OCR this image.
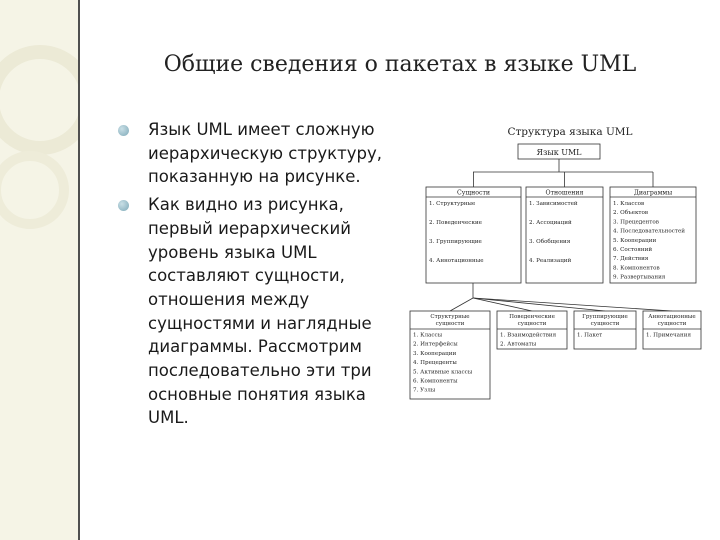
Общие сведения о пакетах в языке UML
Язык UML имеет сложную иерархическую структуру, показанную на рисунке.
Как видно из рисунка, первый иерархический уровень языка UML составляют сущности, отношения между сущностями и наглядные диаграммы. Рассмотрим последовательно эти три основные понятия языка UML.
Структура языка UML
Язык UML
Сущности
1. Структурные
2. Поведенческие
3. Группирующие
4. Аннотационные
Отношения
1. Зависимостей
2. Ассоциаций
3. Обобщения
4. Реализаций
Диаграммы
1. Классов
2. Объектов
3. Прецедентов
4. Последовательностей
5. Кооперации
6. Состояний
7. Действия
8. Компонентов
9. Развертывания
Структурные
сущности
1. Классы
2. Интерфейсы
3. Кооперации
4. Прецеденты
5. Активные классы
6. Компоненты
7. Узлы
Поведенческие
сущности
1. Взаимодействия
2. Автоматы
Группирующие
сущности
1. Пакет
Аннотационные
сущности
1. Примечания
